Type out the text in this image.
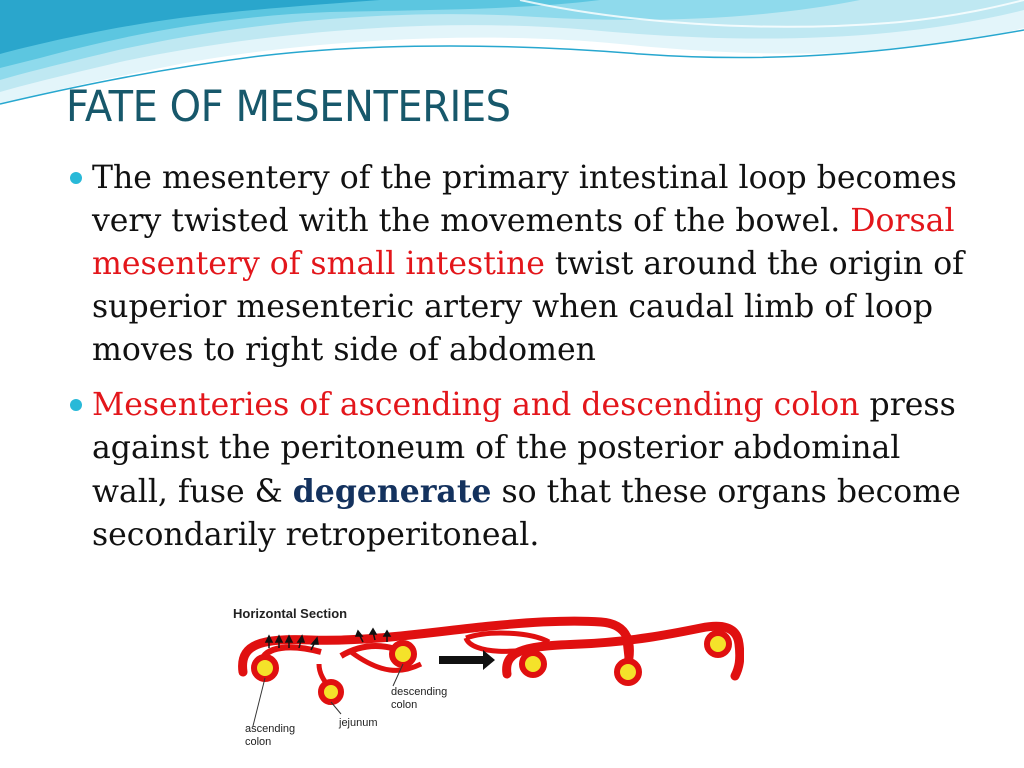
FATE OF MESENTERIES
The mesentery of the primary intestinal loop becomes very twisted with the movements of the bowel. Dorsal mesentery of small intestine twist around the origin of superior mesenteric artery when caudal limb of loop moves to right side of abdomen
Mesenteries of ascending and descending colon press against the peritoneum of the posterior abdominal wall, fuse & degenerate so that these organs become secondarily retroperitoneal.
Horizontal Section
descending
colon
jejunum
ascending
colon
